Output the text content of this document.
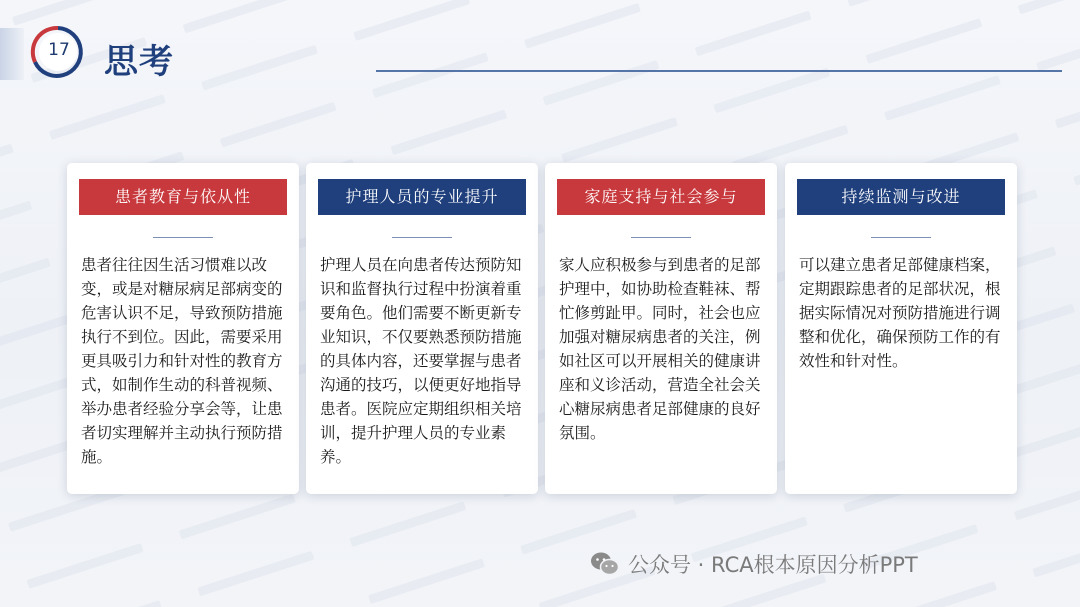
17 思考
患者教育与依从性
患者往往因生活习惯难以改变，或是对糖尿病足部病变的危害认识不足，导致预防措施执行不到位。因此，需要采用更具吸引力和针对性的教育方式，如制作生动的科普视频、举办患者经验分享会等，让患者切实理解并主动执行预防措施。
护理人员的专业提升
护理人员在向患者传达预防知识和监督执行过程中扮演着重要角色。他们需要不断更新专业知识，不仅要熟悉预防措施的具体内容，还要掌握与患者沟通的技巧，以便更好地指导患者。医院应定期组织相关培训，提升护理人员的专业素养。
家庭支持与社会参与
家人应积极参与到患者的足部护理中，如协助检查鞋袜、帮忙修剪趾甲。同时，社会也应加强对糖尿病患者的关注，例如社区可以开展相关的健康讲座和义诊活动，营造全社会关心糖尿病患者足部健康的良好氛围。
持续监测与改进
可以建立患者足部健康档案，定期跟踪患者的足部状况，根据实际情况对预防措施进行调整和优化，确保预防工作的有效性和针对性。
公众号 · RCA根本原因分析PPT
